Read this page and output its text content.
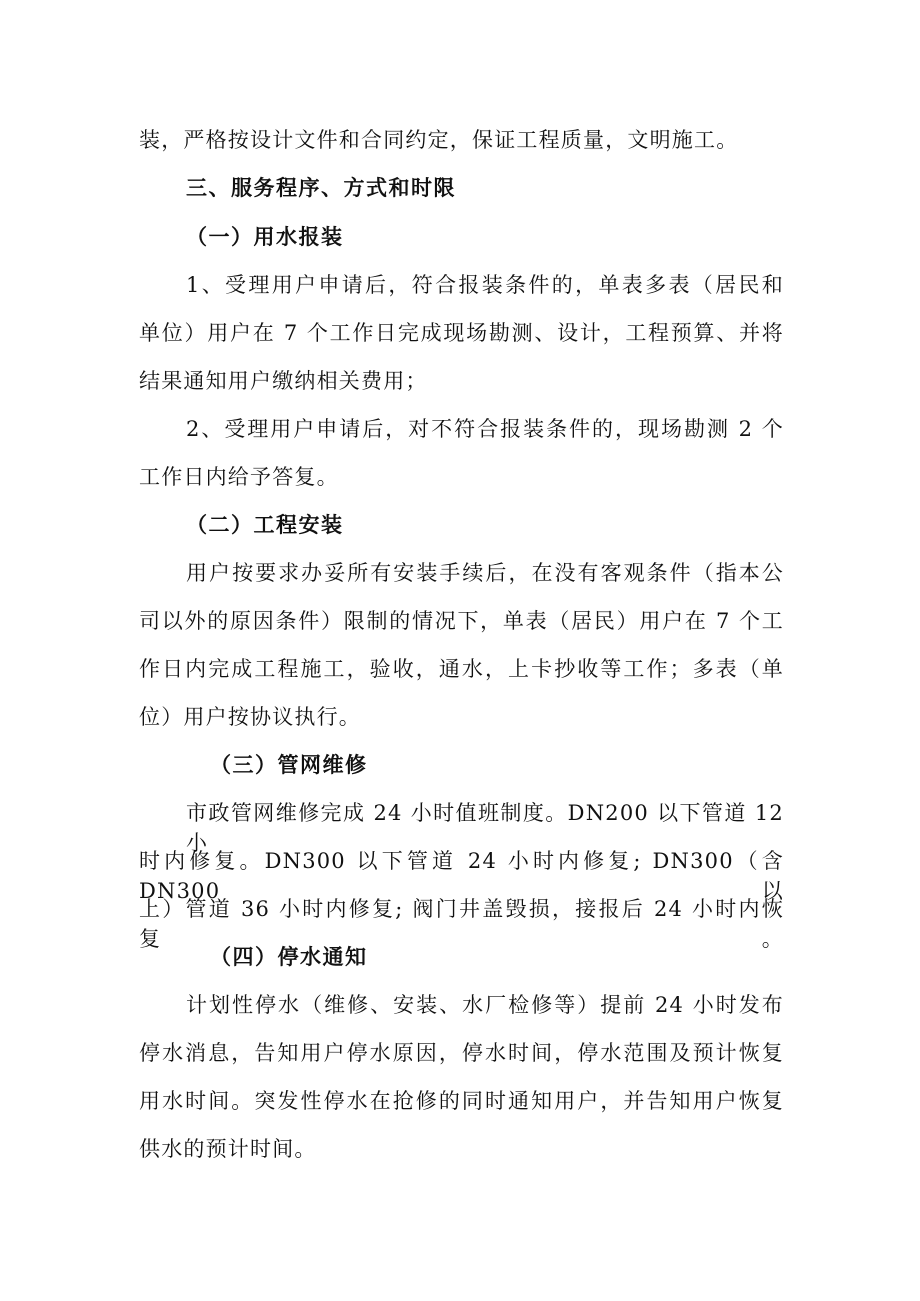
装，严格按设计文件和合同约定，保证工程质量，文明施工。
三、服务程序、方式和时限
（一）用水报装
1、受理用户申请后，符合报装条件的，单表多表（居民和
单位）用户在 7 个工作日完成现场勘测、设计，工程预算、并将
结果通知用户缴纳相关费用；
2、受理用户申请后，对不符合报装条件的，现场勘测 2 个
工作日内给予答复。
（二）工程安装
用户按要求办妥所有安装手续后，在没有客观条件（指本公
司以外的原因条件）限制的情况下，单表（居民）用户在 7 个工
作日内完成工程施工，验收，通水，上卡抄收等工作；多表（单
位）用户按协议执行。
（三）管网维修
市政管网维修完成 24 小时值班制度。DN200 以下管道 12 小
时内修复。DN300 以下管道 24 小时内修复; DN300（含 DN300 以
上）管道 36 小时内修复; 阀门井盖毁损，接报后 24 小时内恢复。
（四）停水通知
计划性停水（维修、安装、水厂检修等）提前 24 小时发布
停水消息，告知用户停水原因，停水时间，停水范围及预计恢复
用水时间。突发性停水在抢修的同时通知用户，并告知用户恢复
供水的预计时间。
